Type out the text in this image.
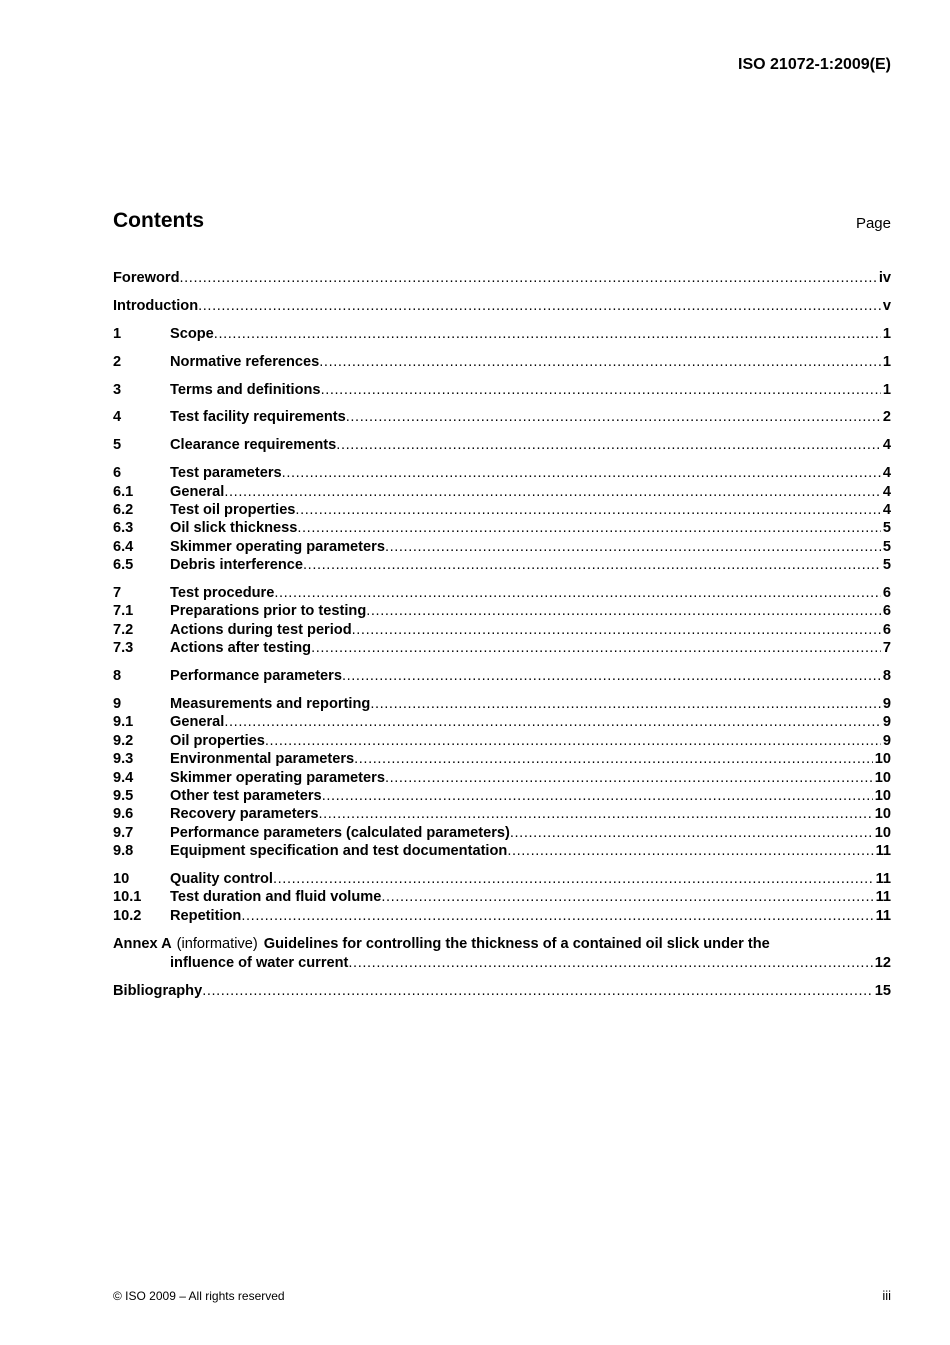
ISO 21072-1:2009(E)
Contents	Page
Foreword .....	iv
Introduction .....	v
1	Scope .....	1
2	Normative references .....	1
3	Terms and definitions .....	1
4	Test facility requirements .....	2
5	Clearance requirements .....	4
6	Test parameters .....	4
6.1	General .....	4
6.2	Test oil properties .....	4
6.3	Oil slick thickness .....	5
6.4	Skimmer operating parameters .....	5
6.5	Debris interference .....	5
7	Test procedure .....	6
7.1	Preparations prior to testing .....	6
7.2	Actions during test period .....	6
7.3	Actions after testing .....	7
8	Performance parameters .....	8
9	Measurements and reporting .....	9
9.1	General .....	9
9.2	Oil properties .....	9
9.3	Environmental parameters .....	10
9.4	Skimmer operating parameters .....	10
9.5	Other test parameters .....	10
9.6	Recovery parameters .....	10
9.7	Performance parameters (calculated parameters) .....	10
9.8	Equipment specification and test documentation .....	11
10	Quality control .....	11
10.1	Test duration and fluid volume .....	11
10.2	Repetition .....	11
Annex A (informative) Guidelines for controlling the thickness of a contained oil slick under the
influence of water current .....	12
Bibliography .....	15
© ISO 2009 – All rights reserved	iii
